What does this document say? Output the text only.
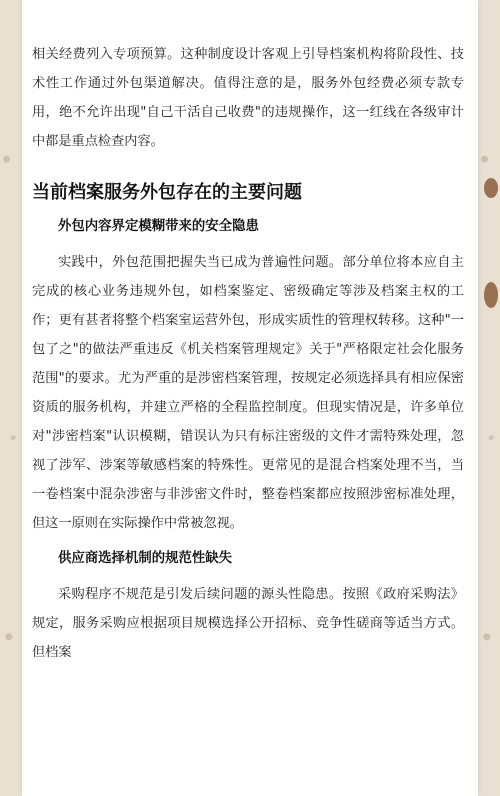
相关经费列入专项预算。这种制度设计客观上引导档案机构将阶段性、技术性工作通过外包渠道解决。值得注意的是，服务外包经费必须专款专用，绝不允许出现"自己干活自己收费"的违规操作，这一红线在各级审计中都是重点检查内容。

当前档案服务外包存在的主要问题
外包内容界定模糊带来的安全隐患

实践中，外包范围把握失当已成为普遍性问题。部分单位将本应自主完成的核心业务违规外包，如档案鉴定、密级确定等涉及档案主权的工作；更有甚者将整个档案室运营外包，形成实质性的管理权转移。这种"一包了之"的做法严重违反《机关档案管理规定》关于"严格限定社会化服务范围"的要求。尤为严重的是涉密档案管理，按规定必须选择具有相应保密资质的服务机构，并建立严格的全程监控制度。但现实情况是，许多单位对"涉密档案"认识模糊，错误认为只有标注密级的文件才需特殊处理，忽视了涉军、涉案等敏感档案的特殊性。更常见的是混合档案处理不当，当一卷档案中混杂涉密与非涉密文件时，整卷档案都应按照涉密标准处理，但这一原则在实际操作中常被忽视。

供应商选择机制的规范性缺失

采购程序不规范是引发后续问题的源头性隐患。按照《政府采购法》规定，服务采购应根据项目规模选择公开招标、竞争性磋商等适当方式。但档案
